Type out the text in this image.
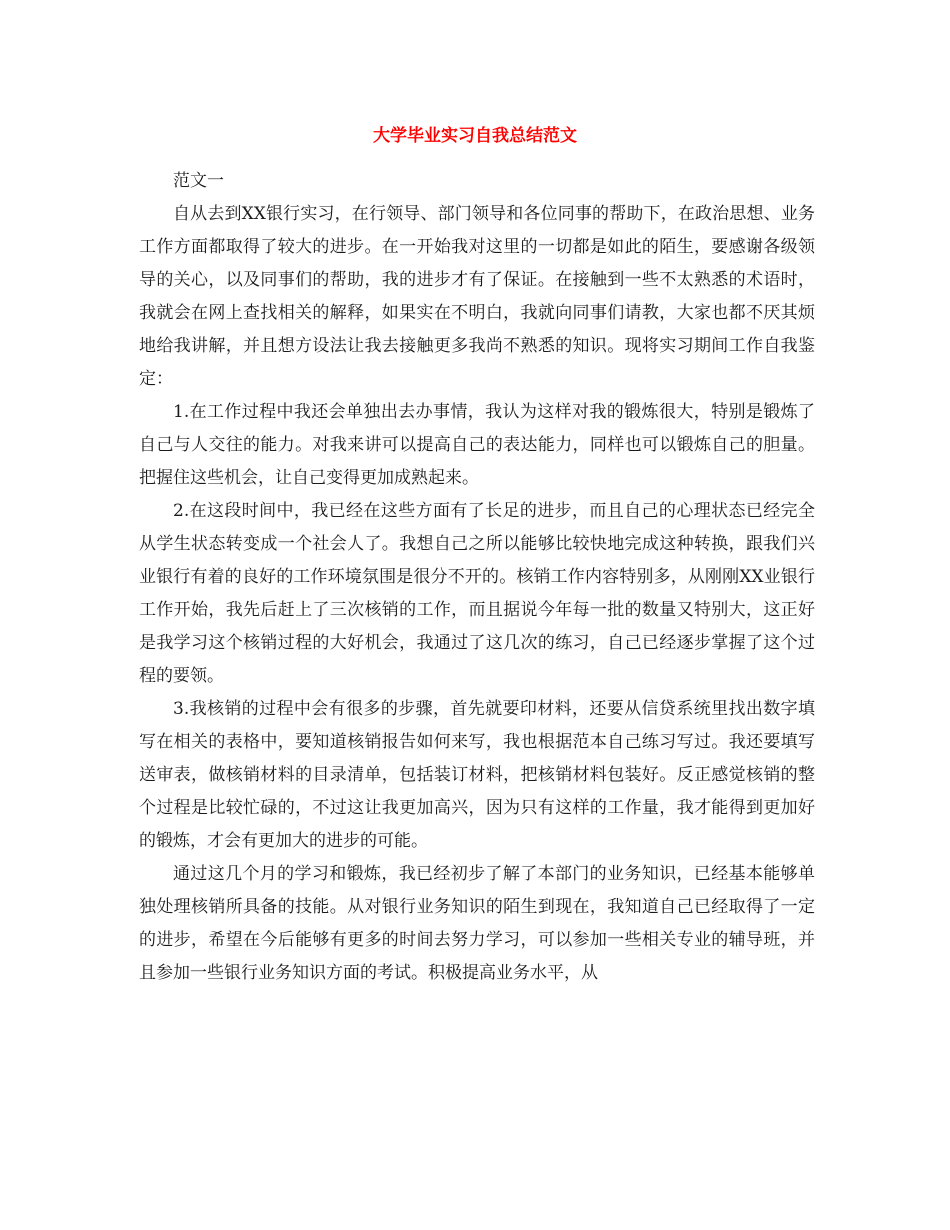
大学毕业实习自我总结范文

范文一

自从去到XX银行实习，在行领导、部门领导和各位同事的帮助下，在政治思想、业务工作方面都取得了较大的进步。在一开始我对这里的一切都是如此的陌生，要感谢各级领导的关心，以及同事们的帮助，我的进步才有了保证。在接触到一些不太熟悉的术语时，我就会在网上查找相关的解释，如果实在不明白，我就向同事们请教，大家也都不厌其烦地给我讲解，并且想方设法让我去接触更多我尚不熟悉的知识。现将实习期间工作自我鉴定：

1.在工作过程中我还会单独出去办事情，我认为这样对我的锻炼很大，特别是锻炼了自己与人交往的能力。对我来讲可以提高自己的表达能力，同样也可以锻炼自己的胆量。把握住这些机会，让自己变得更加成熟起来。

2.在这段时间中，我已经在这些方面有了长足的进步，而且自己的心理状态已经完全从学生状态转变成一个社会人了。我想自己之所以能够比较快地完成这种转换，跟我们兴业银行有着的良好的工作环境氛围是很分不开的。核销工作内容特别多，从刚刚XX业银行工作开始，我先后赶上了三次核销的工作，而且据说今年每一批的数量又特别大，这正好是我学习这个核销过程的大好机会，我通过了这几次的练习，自己已经逐步掌握了这个过程的要领。

3.我核销的过程中会有很多的步骤，首先就要印材料，还要从信贷系统里找出数字填写在相关的表格中，要知道核销报告如何来写，我也根据范本自己练习写过。我还要填写送审表，做核销材料的目录清单，包括装订材料，把核销材料包装好。反正感觉核销的整个过程是比较忙碌的，不过这让我更加高兴，因为只有这样的工作量，我才能得到更加好的锻炼，才会有更加大的进步的可能。

通过这几个月的学习和锻炼，我已经初步了解了本部门的业务知识，已经基本能够单独处理核销所具备的技能。从对银行业务知识的陌生到现在，我知道自己已经取得了一定的进步，希望在今后能够有更多的时间去努力学习，可以参加一些相关专业的辅导班，并且参加一些银行业务知识方面的考试。积极提高业务水平，从
